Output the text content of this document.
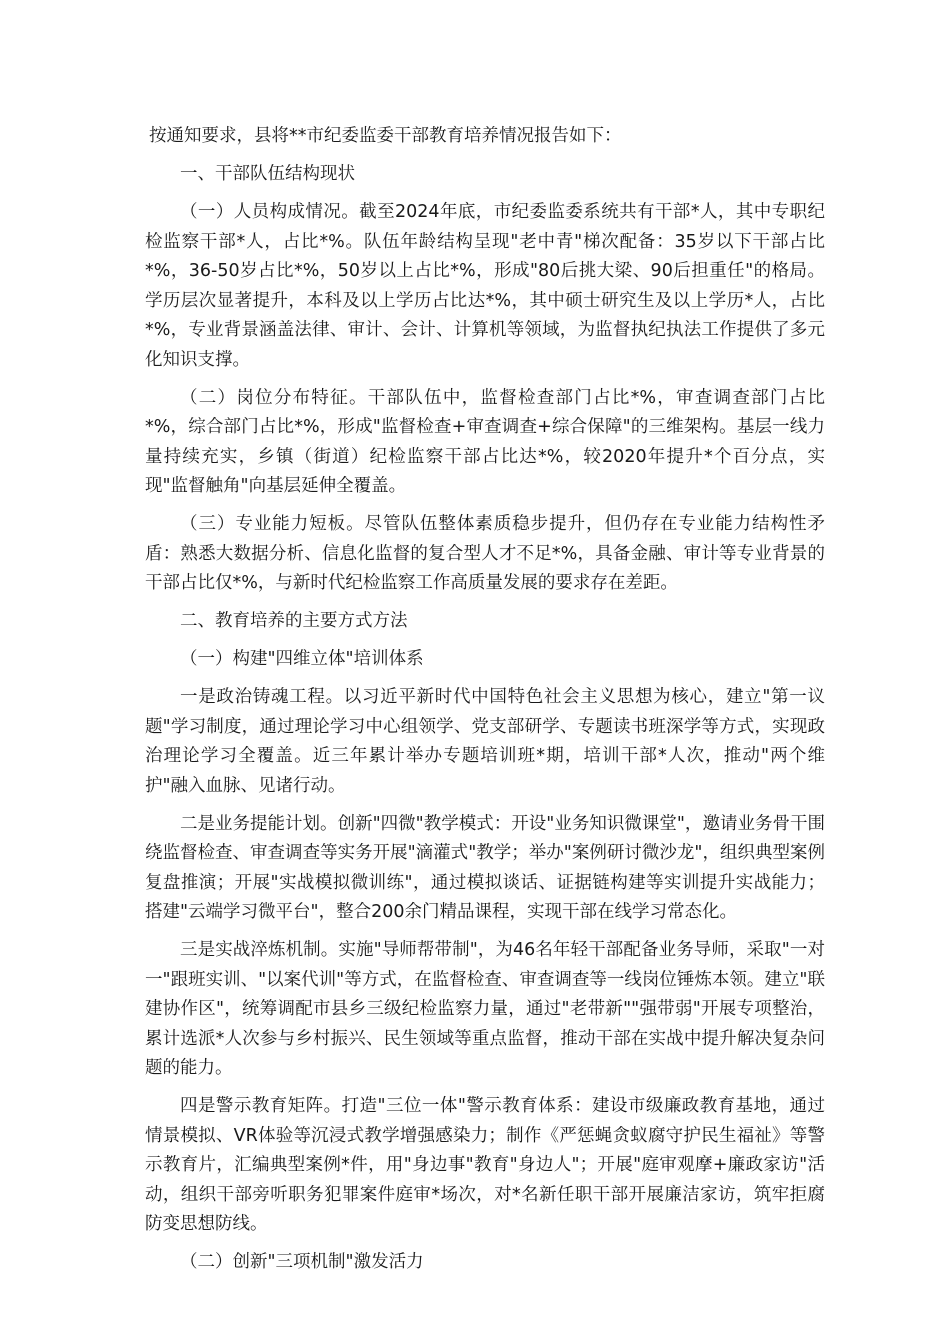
按通知要求，县将**市纪委监委干部教育培养情况报告如下：

一、干部队伍结构现状

（一）人员构成情况。截至2024年底，市纪委监委系统共有干部*人，其中专职纪检监察干部*人，占比*%。队伍年龄结构呈现"老中青"梯次配备：35岁以下干部占比*%，36-50岁占比*%，50岁以上占比*%，形成"80后挑大梁、90后担重任"的格局。学历层次显著提升，本科及以上学历占比达*%，其中硕士研究生及以上学历*人，占比*%，专业背景涵盖法律、审计、会计、计算机等领域，为监督执纪执法工作提供了多元化知识支撑。

（二）岗位分布特征。干部队伍中，监督检查部门占比*%，审查调查部门占比*%，综合部门占比*%，形成"监督检查+审查调查+综合保障"的三维架构。基层一线力量持续充实，乡镇（街道）纪检监察干部占比达*%，较2020年提升*个百分点，实现"监督触角"向基层延伸全覆盖。

（三）专业能力短板。尽管队伍整体素质稳步提升，但仍存在专业能力结构性矛盾：熟悉大数据分析、信息化监督的复合型人才不足*%，具备金融、审计等专业背景的干部占比仅*%，与新时代纪检监察工作高质量发展的要求存在差距。

二、教育培养的主要方式方法

（一）构建"四维立体"培训体系

一是政治铸魂工程。以习近平新时代中国特色社会主义思想为核心，建立"第一议题"学习制度，通过理论学习中心组领学、党支部研学、专题读书班深学等方式，实现政治理论学习全覆盖。近三年累计举办专题培训班*期，培训干部*人次，推动"两个维护"融入血脉、见诸行动。

二是业务提能计划。创新"四微"教学模式：开设"业务知识微课堂"，邀请业务骨干围绕监督检查、审查调查等实务开展"滴灌式"教学；举办"案例研讨微沙龙"，组织典型案例复盘推演；开展"实战模拟微训练"，通过模拟谈话、证据链构建等实训提升实战能力；搭建"云端学习微平台"，整合200余门精品课程，实现干部在线学习常态化。

三是实战淬炼机制。实施"导师帮带制"，为46名年轻干部配备业务导师，采取"一对一"跟班实训、"以案代训"等方式，在监督检查、审查调查等一线岗位锤炼本领。建立"联建协作区"，统筹调配市县乡三级纪检监察力量，通过"老带新""强带弱"开展专项整治，累计选派*人次参与乡村振兴、民生领域等重点监督，推动干部在实战中提升解决复杂问题的能力。

四是警示教育矩阵。打造"三位一体"警示教育体系：建设市级廉政教育基地，通过情景模拟、VR体验等沉浸式教学增强感染力；制作《严惩蝇贪蚁腐守护民生福祉》等警示教育片，汇编典型案例*件，用"身边事"教育"身边人"；开展"庭审观摩+廉政家访"活动，组织干部旁听职务犯罪案件庭审*场次，对*名新任职干部开展廉洁家访，筑牢拒腐防变思想防线。

（二）创新"三项机制"激发活力
